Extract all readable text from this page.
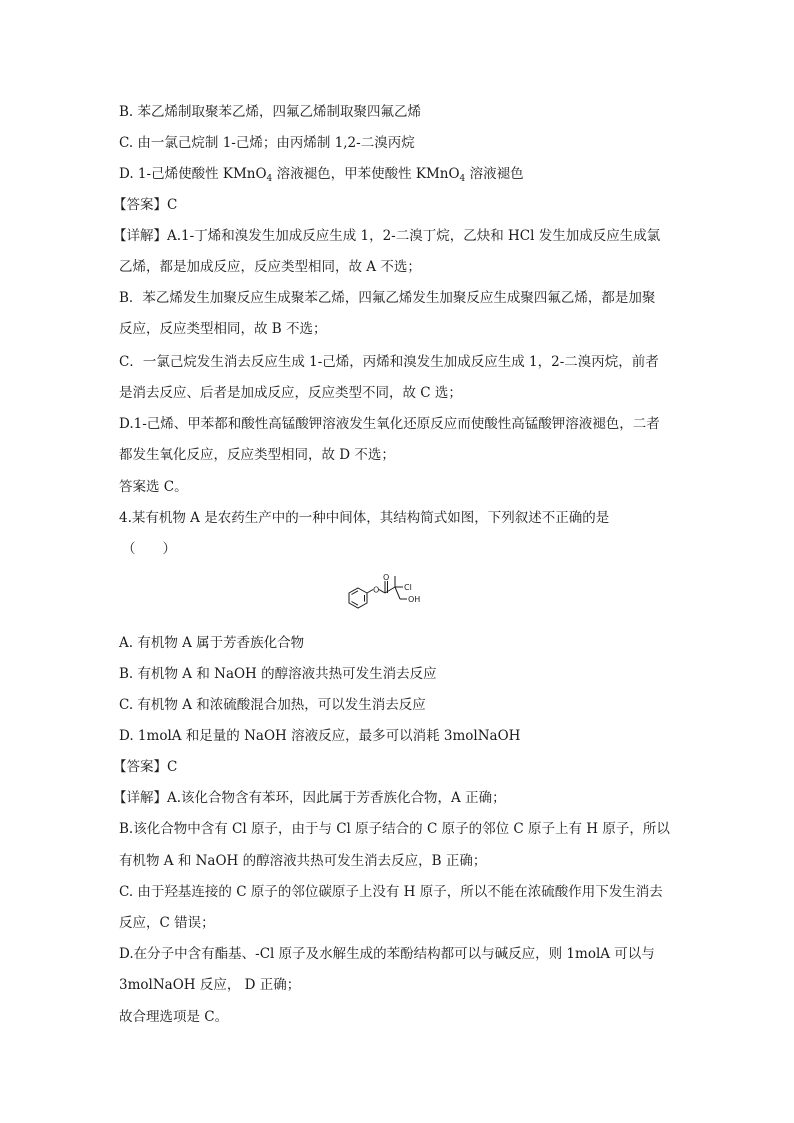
B. 苯乙烯制取聚苯乙烯，四氟乙烯制取聚四氟乙烯
C. 由一氯己烷制 1-己烯；由丙烯制 1,2-二溴丙烷
D. 1-己烯使酸性 KMnO$_4$ 溶液褪色，甲苯使酸性 KMnO$_4$ 溶液褪色
【答案】C
【详解】A.1-丁烯和溴发生加成反应生成 1，2-二溴丁烷，乙炔和 HCl 发生加成反应生成氯
乙烯，都是加成反应，反应类型相同，故 A 不选；
B．苯乙烯发生加聚反应生成聚苯乙烯，四氟乙烯发生加聚反应生成聚四氟乙烯，都是加聚
反应，反应类型相同，故 B 不选；
C．一氯己烷发生消去反应生成 1-己烯，丙烯和溴发生加成反应生成 1，2-二溴丙烷，前者
是消去反应、后者是加成反应，反应类型不同，故 C 选；
D.1-己烯、甲苯都和酸性高锰酸钾溶液发生氧化还原反应而使酸性高锰酸钾溶液褪色，二者
都发生氧化反应，反应类型相同，故 D 不选；
答案选 C。
4.某有机物 A 是农药生产中的一种中间体，其结构简式如图，下列叙述不正确的是
（　　）
O
O
Cl
OH
A. 有机物 A 属于芳香族化合物
B. 有机物 A 和 NaOH 的醇溶液共热可发生消去反应
C. 有机物 A 和浓硫酸混合加热，可以发生消去反应
D. 1molA 和足量的 NaOH 溶液反应，最多可以消耗 3molNaOH
【答案】C
【详解】A.该化合物含有苯环，因此属于芳香族化合物，A 正确；
B.该化合物中含有 Cl 原子，由于与 Cl 原子结合的 C 原子的邻位 C 原子上有 H 原子，所以
有机物 A 和 NaOH 的醇溶液共热可发生消去反应，B 正确；
C. 由于羟基连接的 C 原子的邻位碳原子上没有 H 原子，所以不能在浓硫酸作用下发生消去
反应，C 错误；
D.在分子中含有酯基、-Cl 原子及水解生成的苯酚结构都可以与碱反应，则 1molA 可以与
3molNaOH 反应， D 正确；
故合理选项是 C。
